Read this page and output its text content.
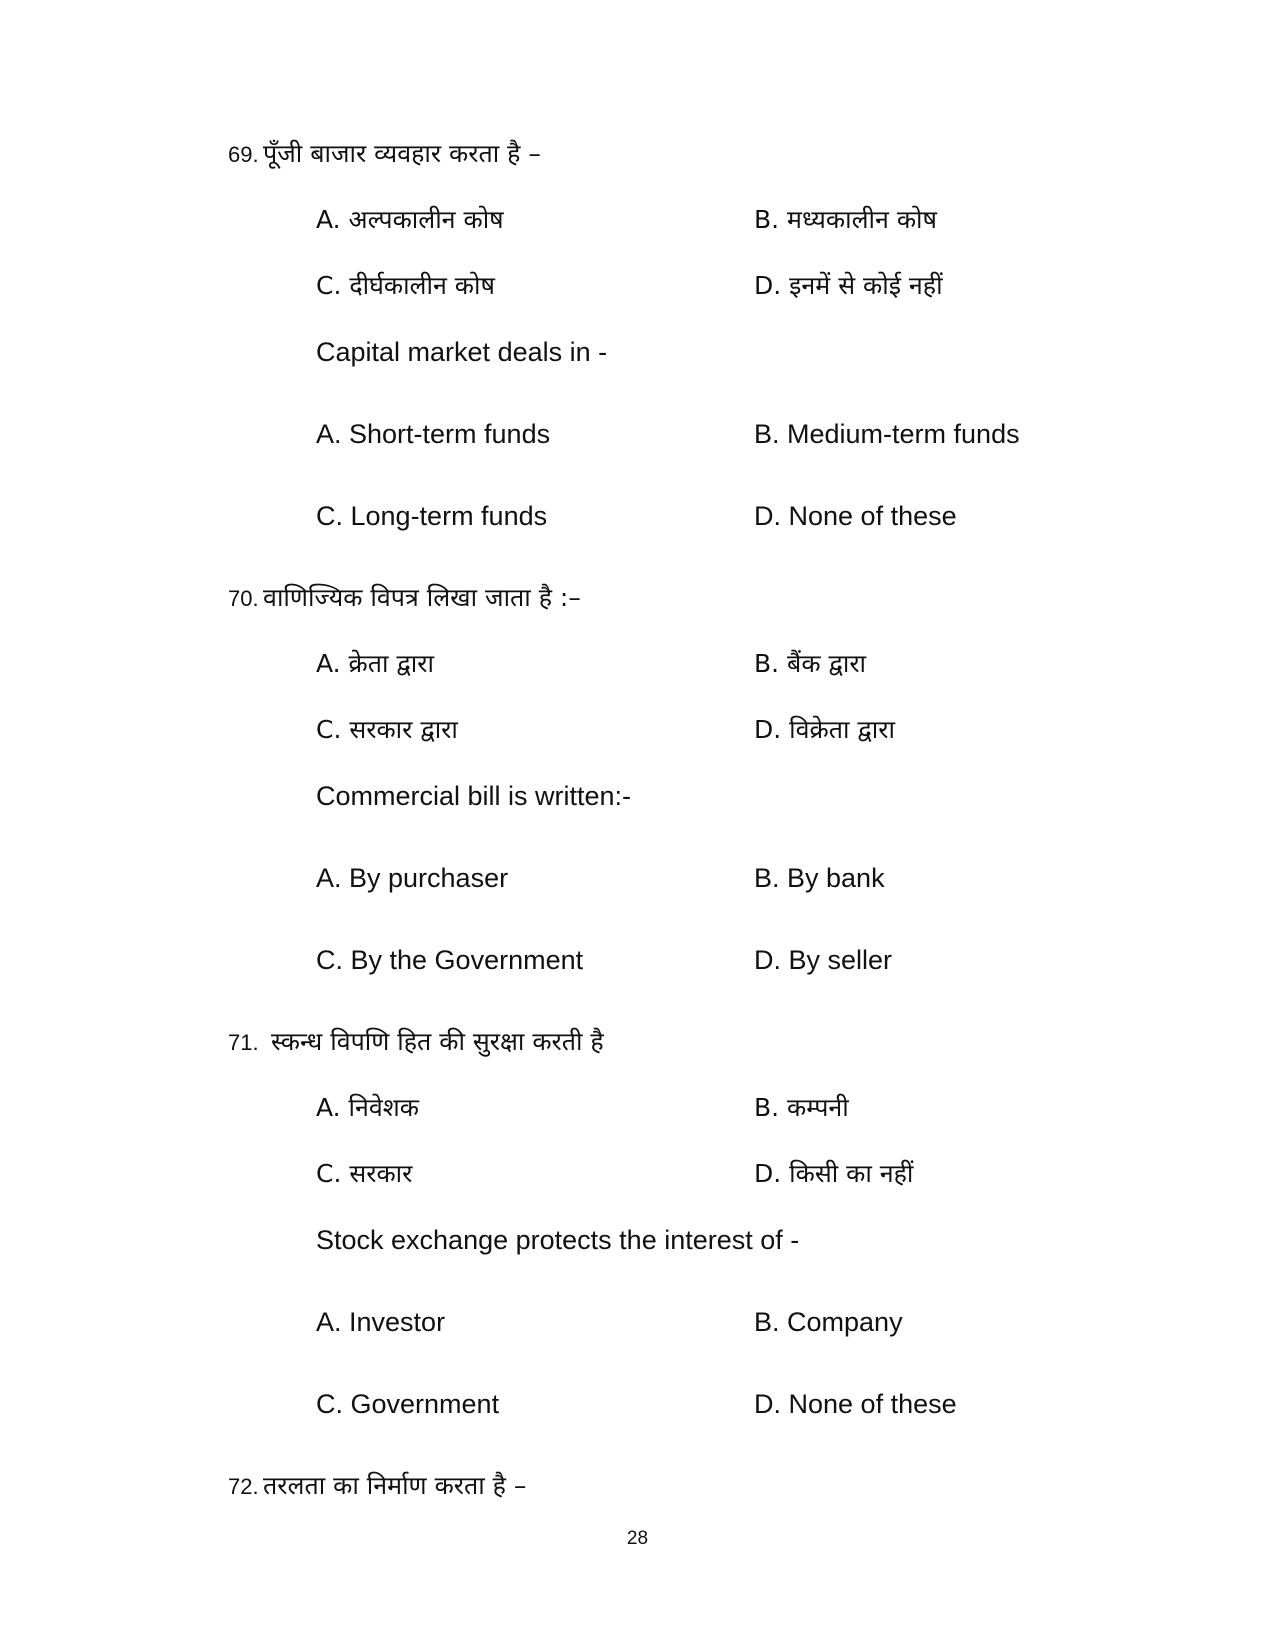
69. पूँजी बाजार व्यवहार करता है –
A. अल्पकालीन कोष	B. मध्यकालीन कोष
C. दीर्घकालीन कोष	D. इनमें से कोई नहीं
Capital market deals in -
A. Short-term funds	B. Medium-term funds
C. Long-term funds	D. None of these
70. वाणिज्यिक विपत्र लिखा जाता है :–
A. क्रेता द्वारा	B. बैंक द्वारा
C. सरकार द्वारा	D. विक्रेता द्वारा
Commercial bill is written:-
A. By purchaser	B. By bank
C. By the Government	D. By seller
71. स्कन्ध विपणि हित की सुरक्षा करती है
A. निवेशक	B. कम्पनी
C. सरकार	D. किसी का नहीं
Stock exchange protects the interest of -
A. Investor	B. Company
C. Government	D. None of these
72. तरलता का निर्माण करता है –
28
